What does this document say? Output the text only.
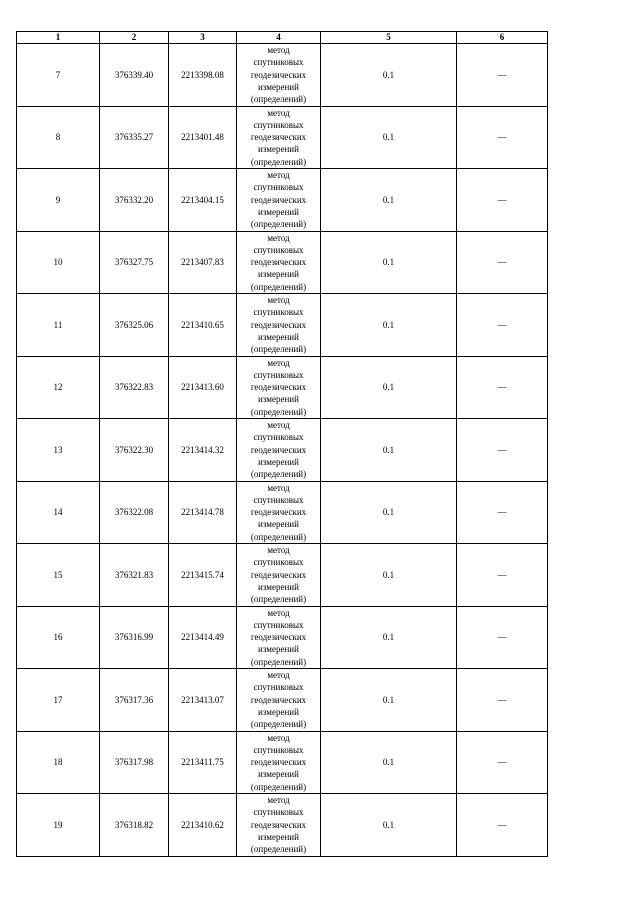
1	2	3	4	5	6
7	376339.40	2213398.08	метод
спутниковых
геодезических
измерений
(определений)	0.1	—
8	376335.27	2213401.48	метод
спутниковых
геодезических
измерений
(определений)	0.1	—
9	376332.20	2213404.15	метод
спутниковых
геодезических
измерений
(определений)	0.1	—
10	376327.75	2213407.83	метод
спутниковых
геодезических
измерений
(определений)	0.1	—
11	376325.06	2213410.65	метод
спутниковых
геодезических
измерений
(определений)	0.1	—
12	376322.83	2213413.60	метод
спутниковых
геодезических
измерений
(определений)	0.1	—
13	376322.30	2213414.32	метод
спутниковых
геодезических
измерений
(определений)	0.1	—
14	376322.08	2213414.78	метод
спутниковых
геодезических
измерений
(определений)	0.1	—
15	376321.83	2213415.74	метод
спутниковых
геодезических
измерений
(определений)	0.1	—
16	376316.99	2213414.49	метод
спутниковых
геодезических
измерений
(определений)	0.1	—
17	376317.36	2213413.07	метод
спутниковых
геодезических
измерений
(определений)	0.1	—
18	376317.98	2213411.75	метод
спутниковых
геодезических
измерений
(определений)	0.1	—
19	376318.82	2213410.62	метод
спутниковых
геодезических
измерений
(определений)	0.1	—
